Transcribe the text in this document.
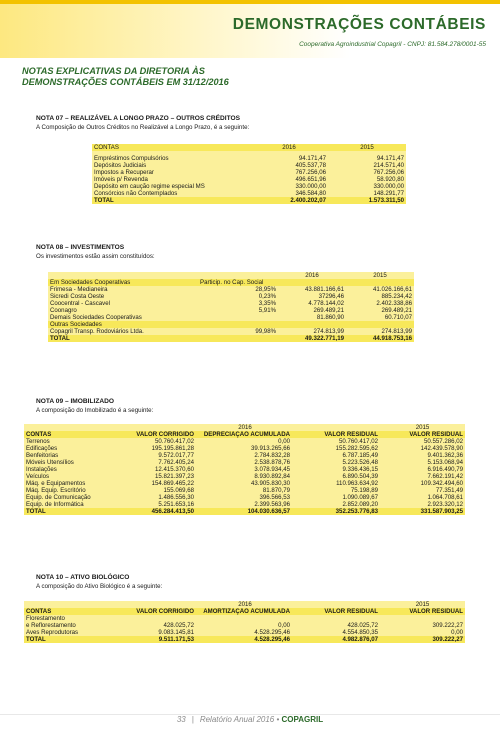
DEMONSTRAÇÕES CONTÁBEIS
Cooperativa Agroindustrial Copagril - CNPJ: 81.584.278/0001-55
NOTAS EXPLICATIVAS DA DIRETORIA ÀS
DEMONSTRAÇÕES CONTÁBEIS EM 31/12/2016
NOTA 07 – REALIZÁVEL A LONGO PRAZO – OUTROS CRÉDITOS
A Composição de Outros Créditos no Realizável a Longo Prazo, é a seguinte:
CONTAS	2016	2015

Empréstimos Compulsórios	94.171,47	94.171,47
Depósitos Judiciais	405.537,78	214.571,40
Impostos a Recuperar	767.256,06	767.256,06
Imóveis p/ Revenda	496.651,96	58.920,80
Depósito em caução regime especial MS	330.000,00	330.000,00
Consórcios não Contemplados	346.584,80	148.291,77
TOTAL	2.400.202,07	1.573.311,50
NOTA 08 – INVESTIMENTOS
Os investimentos estão assim constituídos:
		2016	2015
Em Sociedades Cooperativas	Particip. no Cap. Social		
Frimesa - Medianeira	28,95%	43.881.166,61	41.026.166,61
Sicredi Costa Oeste	0,23%	37296,46	885.234,42
Coocentral - Cascavel	3,35%	4.778.144,02	2.402.338,86
Coonagro	5,91%	269.489,21	269.489,21
Demais Sociedades Cooperativas		81.860,90	60.710,07
Outras Sociedades			
Copagril Transp. Rodoviários Ltda.	99,98%	274.813,99	274.813,99
TOTAL		49.322.771,19	44.918.753,16
NOTA 09 – IMOBILIZADO
A composição do Imobilizado é a seguinte:
	2016			2015
CONTAS	VALOR CORRIGIDO	DEPRECIAÇÃO ACUMULADA	VALOR RESIDUAL	VALOR RESIDUAL
Terrenos	50.760.417,02	0,00	50.760.417,02	50.557.286,02
Edificações	195.195.861,28	39.913.265,66	155.282.595,62	142.439.578,90
Benfeitorias	9.572.017,77	2.784.832,28	6.787.185,49	9.401.362,36
Móveis Utensílios	7.762.405,24	2.538.878,76	5.223.526,48	5.153.068,94
Instalações	12.415.370,60	3.078.934,45	9.336.436,15	6.916.490,79
Veículos	15.821.397,23	8.930.892,84	6.890.504,39	7.662.191,42
Máq. e Equipamentos	154.869.465,22	43.905.830,30	110.963.634,92	109.342.494,60
Máq. Equip. Escritório	155.069,68	81.870,79	75.198,89	77.351,49
Equip. de Comunicação	1.486.556,30	396.566,53	1.090.089,67	1.064.708,61
Equip. de Informática	5.251.653,16	2.399.563,96	2.852.089,20	2.923.320,12
TOTAL	456.284.413,50	104.030.636,57	352.253.776,83	331.587.903,25
NOTA 10 – ATIVO BIOLÓGICO
A composição do Ativo Biológico é a seguinte:
	2016			2015
CONTAS	VALOR CORRIGIDO	AMORTIZAÇÃO ACUMULADA	VALOR RESIDUAL	VALOR RESIDUAL
Florestamento				
e Reflorestamento	428.025,72	0,00	428.025,72	309.222,27
Aves Reprodutoras	9.083.145,81	4.528.295,46	4.554.850,35	0,00
TOTAL	9.511.171,53	4.528.295,46	4.982.876,07	309.222,27
33 | Relatório Anual 2016 • COPAGRIL
